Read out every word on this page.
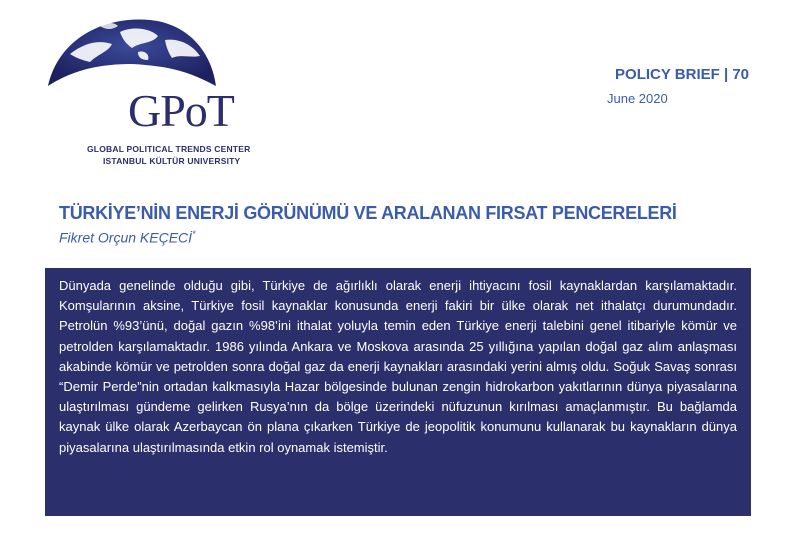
GPoT
GLOBAL POLITICAL TRENDS CENTER
ISTANBUL KÜLTÜR UNIVERSITY
POLICY BRIEF | 70
June 2020
TÜRKİYE’NİN ENERJİ GÖRÜNÜMÜ VE ARALANAN FIRSAT PENCERELERİ
Fikret Orçun KEÇECİ*

Dünyada genelinde olduğu gibi, Türkiye de ağırlıklı olarak enerji ihtiyacını fosil kaynaklardan karşılamaktadır. Komşularının aksine, Türkiye fosil kaynaklar konusunda enerji fakiri bir ülke olarak net ithalatçı durumundadır. Petrolün %93’ünü, doğal gazın %98’ini ithalat yoluyla temin eden Türkiye enerji talebini genel itibariyle kömür ve petrolden karşılamaktadır. 1986 yılında Ankara ve Moskova arasında 25 yıllığına yapılan doğal gaz alım anlaşması akabinde kömür ve petrolden sonra doğal gaz da enerji kaynakları arasındaki yerini almış oldu. Soğuk Savaş sonrası “Demir Perde”nin ortadan kalkmasıyla Hazar bölgesinde bulunan zengin hidrokarbon yakıtlarının dünya piyasalarına ulaştırılması gündeme gelirken Rusya’nın da bölge üzerindeki nüfuzunun kırılması amaçlanmıştır. Bu bağlamda kaynak ülke olarak Azerbaycan ön plana çıkarken Türkiye de jeopolitik konumunu kullanarak bu kaynakların dünya piyasalarına ulaştırılmasında etkin rol oynamak istemiştir.
